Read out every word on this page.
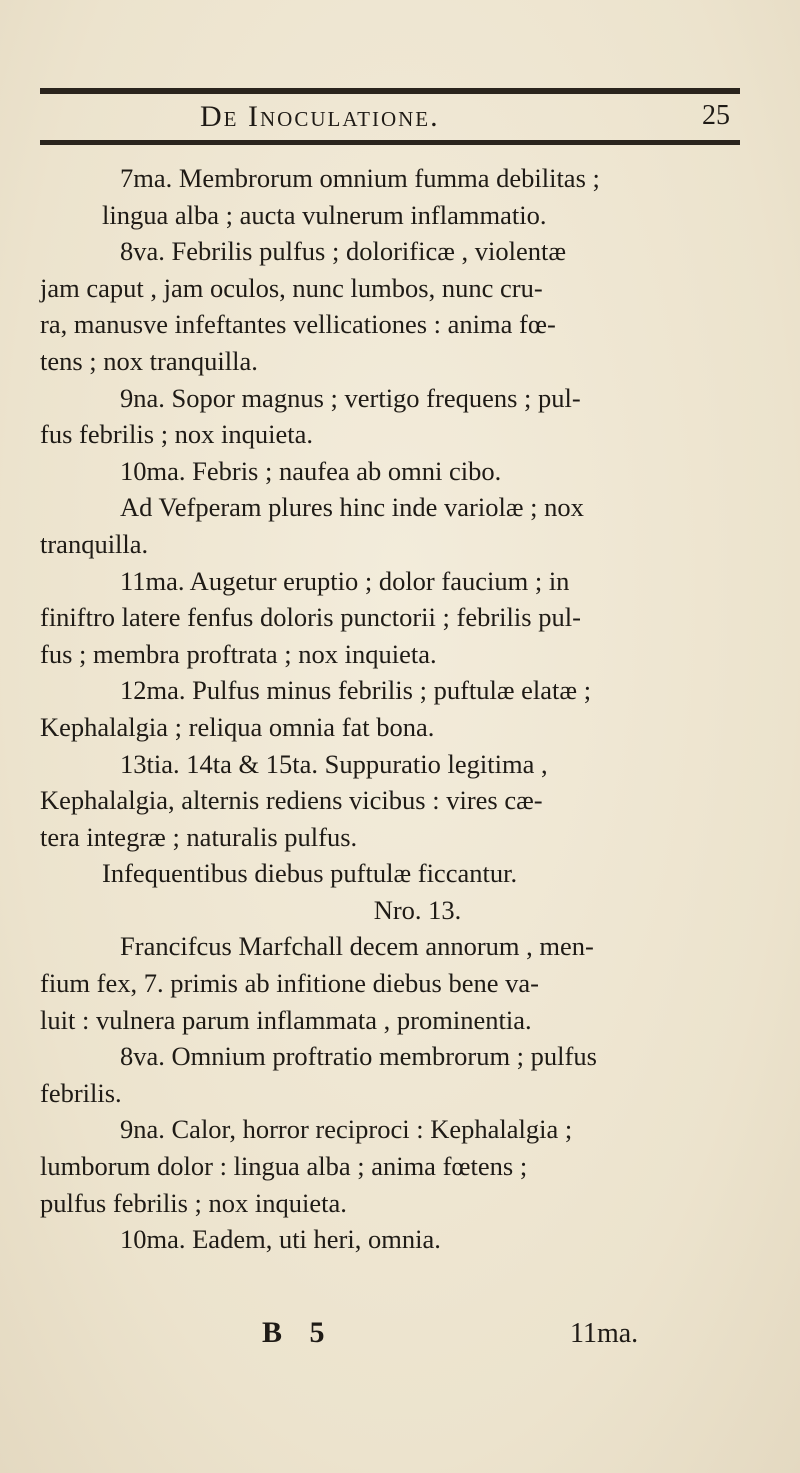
De Inoculatione.	25
7ma. Membrorum omnium fumma debilitas ;
lingua alba ; aucta vulnerum inflammatio.
8va. Febrilis pulfus ; dolorificæ , violentæ
jam caput , jam oculos, nunc lumbos, nunc cru-
ra, manusve infeftantes vellicationes : anima fœ-
tens ; nox tranquilla.
9na. Sopor magnus ; vertigo frequens ; pul-
fus febrilis ; nox inquieta.
10ma. Febris ; naufea ab omni cibo.
Ad Vefperam plures hinc inde variolæ ; nox
tranquilla.
11ma. Augetur eruptio ; dolor faucium ; in
finiftro latere fenfus doloris punctorii ; febrilis pul-
fus ; membra proftrata ; nox inquieta.
12ma. Pulfus minus febrilis ; puftulæ elatæ ;
Kephalalgia ; reliqua omnia fat bona.
13tia. 14ta & 15ta. Suppuratio legitima ,
Kephalalgia, alternis rediens vicibus : vires cæ-
tera integræ ; naturalis pulfus.
Infequentibus diebus puftulæ ficcantur.
Nro. 13.
Francifcus Marfchall decem annorum , men-
fium fex, 7. primis ab infitione diebus bene va-
luit : vulnera parum inflammata , prominentia.
8va. Omnium proftratio membrorum ; pulfus
febrilis.
9na. Calor, horror reciproci : Kephalalgia ;
lumborum dolor : lingua alba ; anima fœtens ;
pulfus febrilis ; nox inquieta.
10ma. Eadem, uti heri, omnia.
B 5	11ma.
